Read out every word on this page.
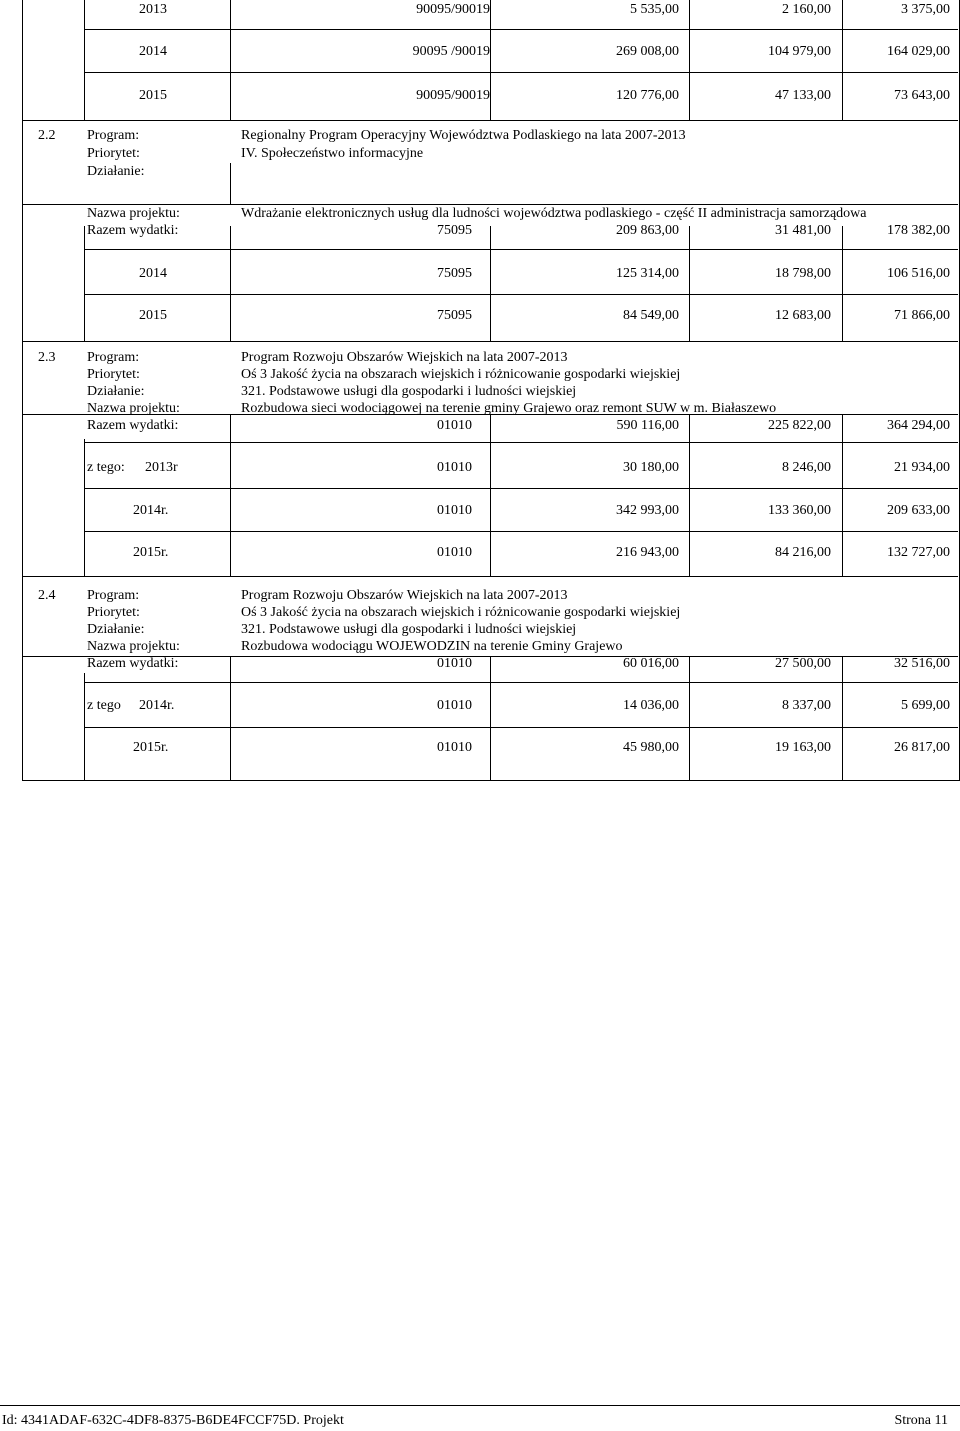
2013	90095/90019	5 535,00	2 160,00	3 375,00
2014	90095 /90019	269 008,00	104 979,00	164 029,00
2015	90095/90019	120 776,00	47 133,00	73 643,00
2.2 Program:	Regionalny Program Operacyjny Województwa Podlaskiego na lata 2007-2013
Priorytet:	IV. Społeczeństwo informacyjne
Działanie:
Nazwa projektu:	Wdrażanie elektronicznych usług dla ludności województwa podlaskiego - część II administracja samorządowa
Razem wydatki:	75095	209 863,00	31 481,00	178 382,00
2014	75095	125 314,00	18 798,00	106 516,00
2015	75095	84 549,00	12 683,00	71 866,00
2.3 Program:	Program Rozwoju Obszarów Wiejskich na lata 2007-2013
Priorytet:	Oś 3 Jakość życia na obszarach wiejskich i różnicowanie gospodarki wiejskiej
Działanie:	321. Podstawowe usługi dla gospodarki i ludności wiejskiej
Nazwa projektu:	Rozbudowa sieci wodociągowej na terenie gminy Grajewo oraz remont SUW w m. Białaszewo
Razem wydatki:	01010	590 116,00	225 822,00	364 294,00
z tego: 2013r	01010	30 180,00	8 246,00	21 934,00
2014r.	01010	342 993,00	133 360,00	209 633,00
2015r.	01010	216 943,00	84 216,00	132 727,00
2.4 Program:	Program Rozwoju Obszarów Wiejskich na lata 2007-2013
Priorytet:	Oś 3 Jakość życia na obszarach wiejskich i różnicowanie gospodarki wiejskiej
Działanie:	321. Podstawowe usługi dla gospodarki i ludności wiejskiej
Nazwa projektu:	Rozbudowa wodociągu WOJEWODZIN na terenie Gminy Grajewo
Razem wydatki:	01010	60 016,00	27 500,00	32 516,00
z tego 2014r.	01010	14 036,00	8 337,00	5 699,00
2015r.	01010	45 980,00	19 163,00	26 817,00
Id: 4341ADAF-632C-4DF8-8375-B6DE4FCCF75D. Projekt	Strona 11
